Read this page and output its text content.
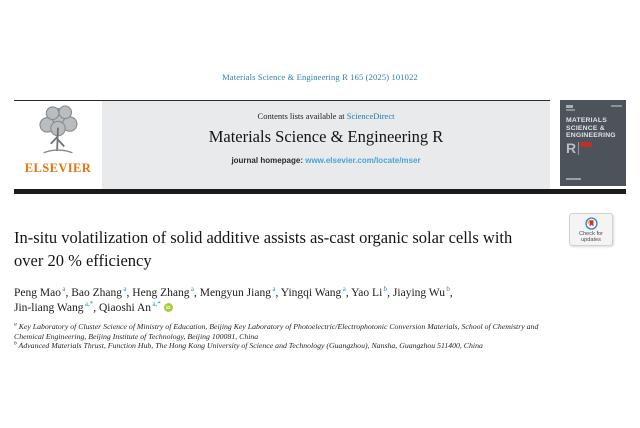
Materials Science & Engineering R 165 (2025) 101022
ELSEVIER
Contents lists available at ScienceDirect
Materials Science & Engineering R
journal homepage: www.elsevier.com/locate/mser
MATERIALS
SCIENCE &
ENGINEERING
R
Check for
updates
In-situ volatilization of solid additive assists as-cast organic solar cells with
over 20 % efficiency
Peng Mao $^a$, Bao Zhang $^a$, Heng Zhang $^a$, Mengyun Jiang $^a$, Yingqi Wang $^a$, Yao Li $^b$, Jiaying Wu $^b$,
Jin-liang Wang $^{a,*}$, Qiaoshi An $^{a,*}$ iD
$^a$ Key Laboratory of Cluster Science of Ministry of Education, Beijing Key Laboratory of Photoelectric/Electrophotonic Conversion Materials, School of Chemistry and
Chemical Engineering, Beijing Institute of Technology, Beijing 100081, China
$^b$ Advanced Materials Thrust, Function Hub, The Hong Kong University of Science and Technology (Guangzhou), Nansha, Guangzhou 511400, China
